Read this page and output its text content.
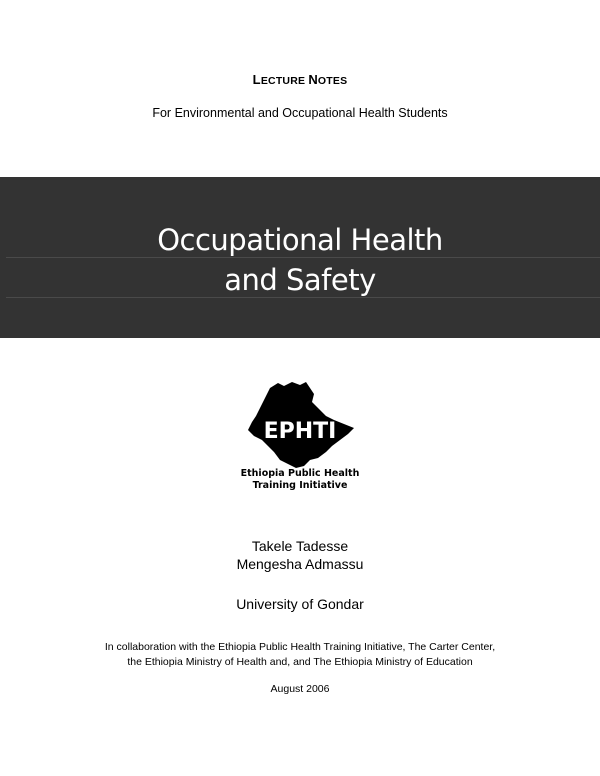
LECTURE NOTES
For Environmental and Occupational Health Students
Occupational Health
and Safety
EPHTI
Ethiopia Public Health
Training Initiative
Takele Tadesse
Mengesha Admassu
University of Gondar
In collaboration with the Ethiopia Public Health Training Initiative, The Carter Center,
the Ethiopia Ministry of Health and, and The Ethiopia Ministry of Education
August 2006
